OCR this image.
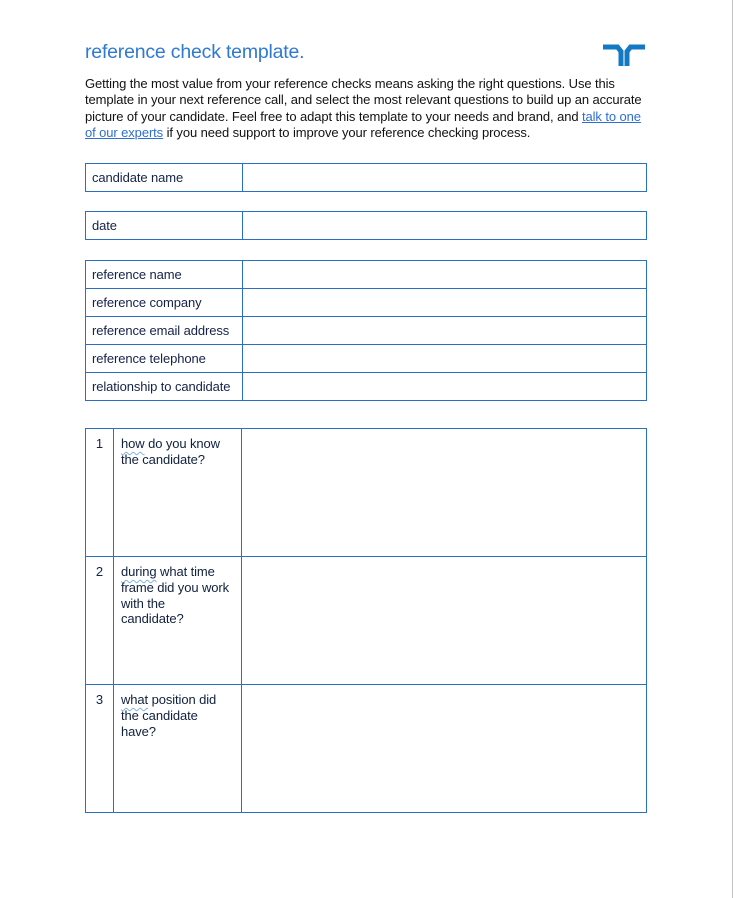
reference check template.

Getting the most value from your reference checks means asking the right questions. Use this template in your next reference call, and select the most relevant questions to build up an accurate picture of your candidate. Feel free to adapt this template to your needs and brand, and talk to one of our experts if you need support to improve your reference checking process.

candidate name	
date	
reference name	
reference company	
reference email address	
reference telephone	
relationship to candidate	
1	how do you know the candidate?	
2	during what time frame did you work with the candidate?	
3	what position did the candidate have?	
